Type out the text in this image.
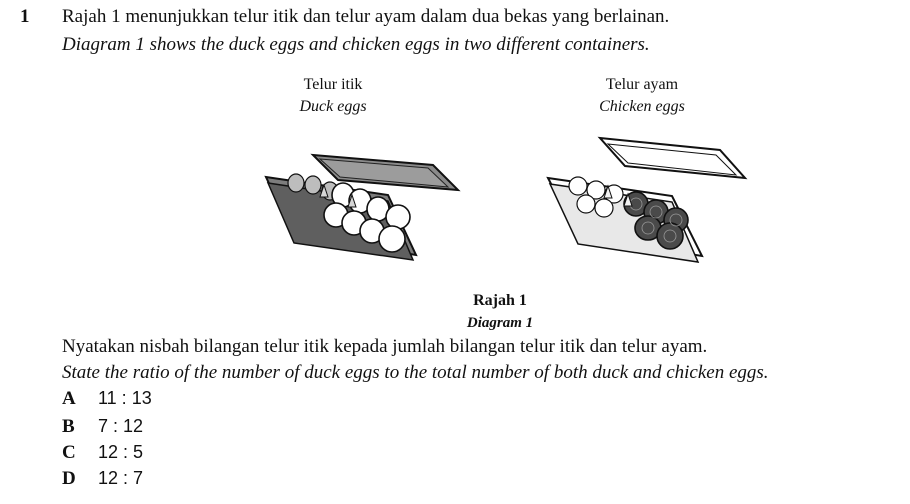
1 Rajah 1 menunjukkan telur itik dan telur ayam dalam dua bekas yang berlainan.
Diagram 1 shows the duck eggs and chicken eggs in two different containers.
Telur itik
Duck eggs
Telur ayam
Chicken eggs
Rajah 1
Diagram 1
Nyatakan nisbah bilangan telur itik kepada jumlah bilangan telur itik dan telur ayam.
State the ratio of the number of duck eggs to the total number of both duck and chicken eggs.
A 11 : 13
B 7 : 12
C 12 : 5
D 12 : 7
